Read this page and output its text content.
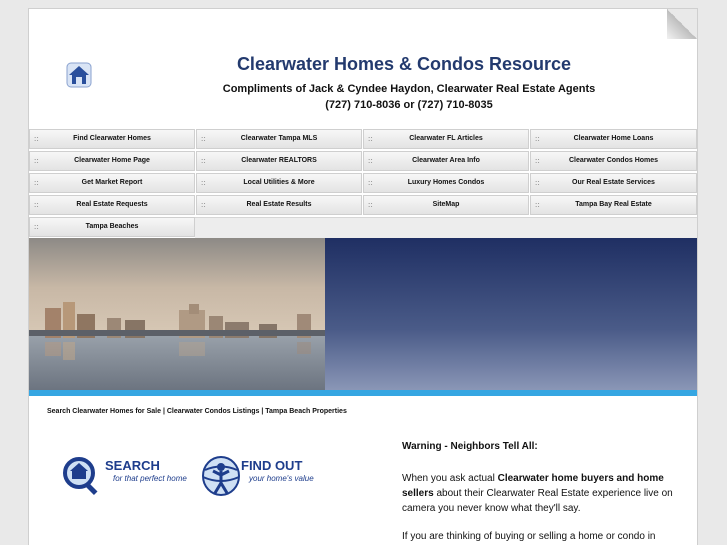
Clearwater Homes & Condos Resource
Compliments of Jack & Cyndee Haydon, Clearwater Real Estate Agents
(727) 710-8036 or (727) 710-8035
::	Find Clearwater Homes	::	Clearwater Tampa MLS	::	Clearwater FL Articles	::	Clearwater Home Loans
::	Clearwater Home Page	::	Clearwater REALTORS	::	Clearwater Area Info	::	Clearwater Condos Homes
::	Get Market Report	::	Local Utilities & More	::	Luxury Homes Condos	::	Our Real Estate Services
::	Real Estate Requests	::	Real Estate Results	::	SiteMap	::	Tampa Bay Real Estate
::	Tampa Beaches
Search Clearwater Homes for Sale | Clearwater Condos Listings | Tampa Beach Properties
SEARCH
for that perfect home
FIND OUT
your home's value
Warning - Neighbors Tell All:
When you ask actual Clearwater home buyers and home sellers about their Clearwater Real Estate experience live on camera you never know what they'll say.
If you are thinking of buying or selling a home or condo in
